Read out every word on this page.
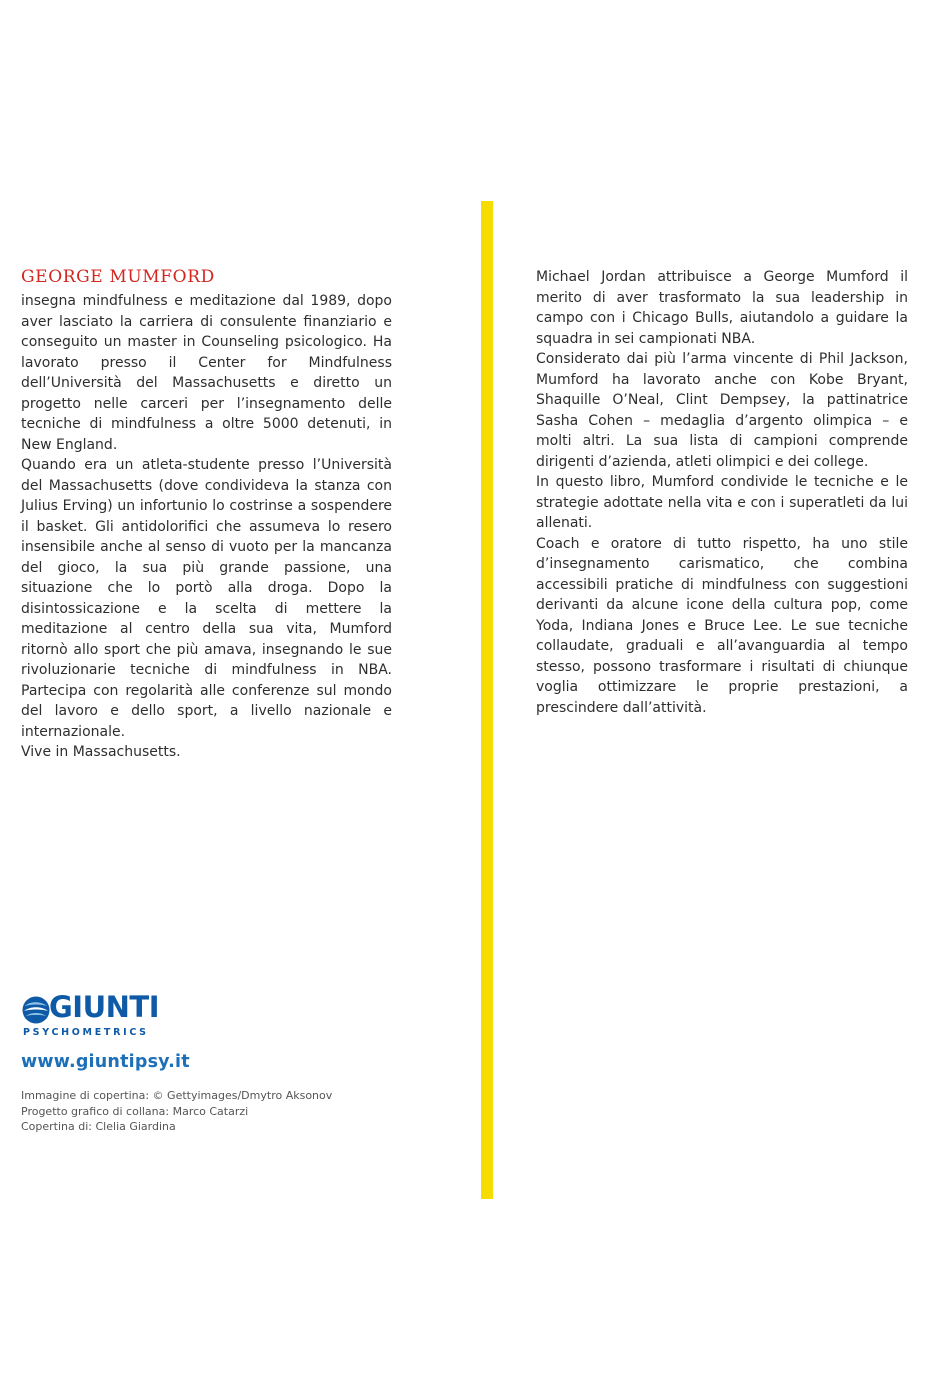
GEORGE MUMFORD

insegna mindfulness e meditazione dal 1989, dopo aver lasciato la carriera di consulente finanziario e conseguito un master in Counseling psicologico. Ha lavorato presso il Center for Mindfulness dell’Università del Massachusetts e diretto un progetto nelle carceri per l’insegnamento delle tecniche di mindfulness a oltre 5000 detenuti, in New England.

Quando era un atleta-studente presso l’Università del Massachusetts (dove condivideva la stanza con Julius Erving) un infortunio lo costrinse a sospendere il basket. Gli antidolorifici che assumeva lo resero insensibile anche al senso di vuoto per la mancanza del gioco, la sua più grande passione, una situazione che lo portò alla droga. Dopo la disintossicazione e la scelta di mettere la meditazione al centro della sua vita, Mumford ritornò allo sport che più amava, insegnando le sue rivoluzionarie tecniche di mindfulness in NBA. Partecipa con regolarità alle conferenze sul mondo del lavoro e dello sport, a livello nazionale e internazionale.

Vive in Massachusetts.

Michael Jordan attribuisce a George Mumford il merito di aver trasformato la sua leadership in campo con i Chicago Bulls, aiutandolo a guidare la squadra in sei campionati NBA.

Considerato dai più l’arma vincente di Phil Jackson, Mumford ha lavorato anche con Kobe Bryant, Shaquille O’Neal, Clint Dempsey, la pattinatrice Sasha Cohen – medaglia d’argento olimpica – e molti altri. La sua lista di campioni comprende dirigenti d’azienda, atleti olimpici e dei college.

In questo libro, Mumford condivide le tecniche e le strategie adottate nella vita e con i superatleti da lui allenati.

Coach e oratore di tutto rispetto, ha uno stile d’insegnamento carismatico, che combina accessibili pratiche di mindfulness con suggestioni derivanti da alcune icone della cultura pop, come Yoda, Indiana Jones e Bruce Lee. Le sue tecniche collaudate, graduali e all’avanguardia al tempo stesso, possono trasformare i risultati di chiunque voglia ottimizzare le proprie prestazioni, a prescindere dall’attività.

GIUNTI
PSYCHOMETRICS
www.giuntipsy.it
Immagine di copertina: © Gettyimages/Dmytro Aksonov
Progetto grafico di collana: Marco Catarzi
Copertina di: Clelia Giardina
